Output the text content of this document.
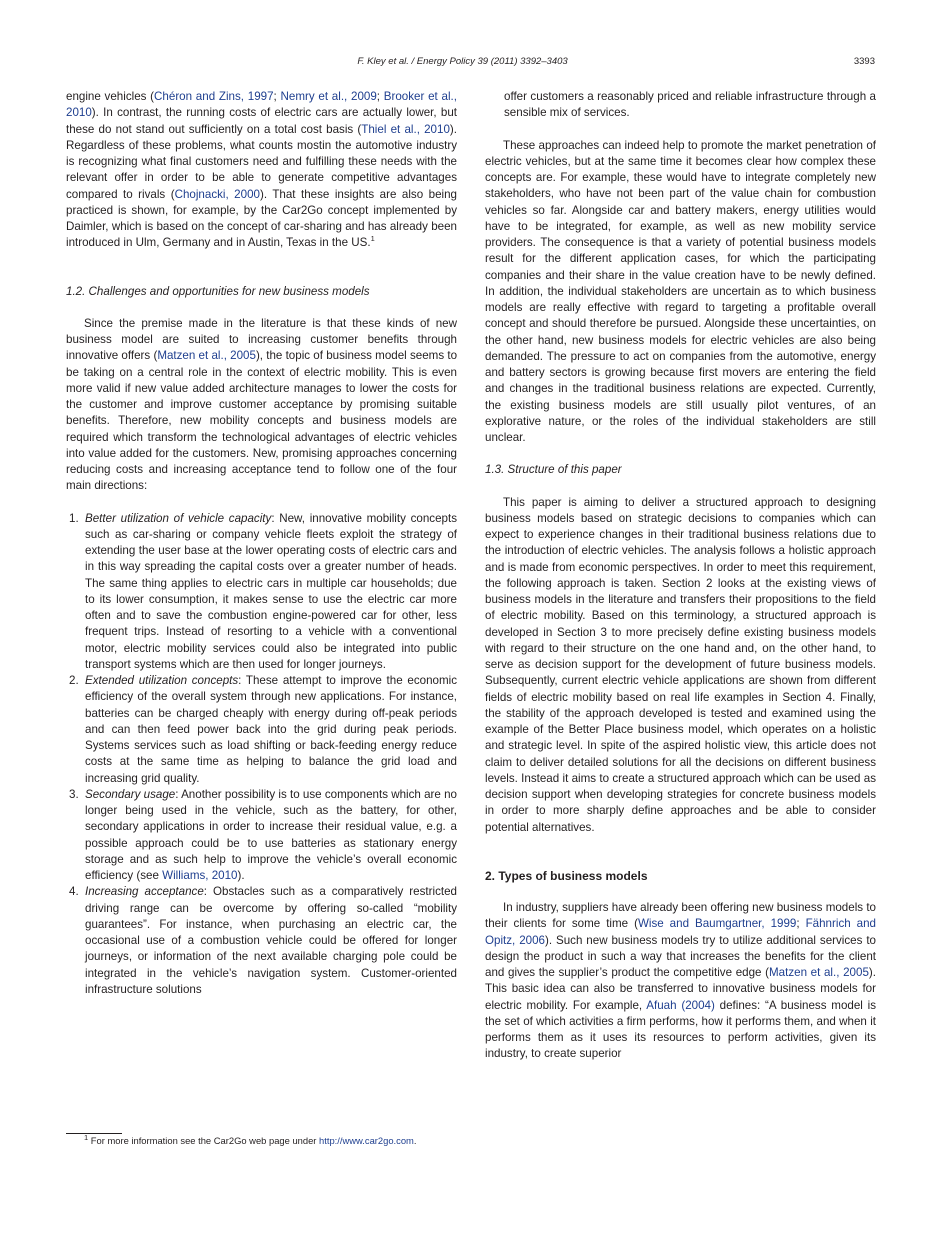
F. Kley et al. / Energy Policy 39 (2011) 3392–3403	3393

engine vehicles (Chéron and Zins, 1997; Nemry et al., 2009; Brooker et al., 2010). In contrast, the running costs of electric cars are actually lower, but these do not stand out sufficiently on a total cost basis (Thiel et al., 2010). Regardless of these problems, what counts mostin the automotive industry is recognizing what final customers need and fulfilling these needs with the relevant offer in order to be able to generate competitive advantages compared to rivals (Chojnacki, 2000). That these insights are also being practiced is shown, for example, by the Car2Go concept implemented by Daimler, which is based on the concept of car-sharing and has already been introduced in Ulm, Germany and in Austin, Texas in the US.$^1$

1.2. Challenges and opportunities for new business models

Since the premise made in the literature is that these kinds of new business model are suited to increasing customer benefits through innovative offers (Matzen et al., 2005), the topic of business model seems to be taking on a central role in the context of electric mobility. This is even more valid if new value added architecture manages to lower the costs for the customer and improve customer acceptance by promising suitable benefits. Therefore, new mobility concepts and business models are required which transform the technological advantages of electric vehicles into value added for the customers. New, promising approaches concerning reducing costs and increasing acceptance tend to follow one of the four main directions:

1. Better utilization of vehicle capacity: New, innovative mobility concepts such as car-sharing or company vehicle fleets exploit the strategy of extending the user base at the lower operating costs of electric cars and in this way spreading the capital costs over a greater number of heads. The same thing applies to electric cars in multiple car households; due to its lower consumption, it makes sense to use the electric car more often and to save the combustion engine-powered car for other, less frequent trips. Instead of resorting to a vehicle with a conventional motor, electric mobility services could also be integrated into public transport systems which are then used for longer journeys.
2. Extended utilization concepts: These attempt to improve the economic efficiency of the overall system through new applications. For instance, batteries can be charged cheaply with energy during off-peak periods and can then feed power back into the grid during peak periods. Systems services such as load shifting or back-feeding energy reduce costs at the same time as helping to balance the grid load and increasing grid quality.
3. Secondary usage: Another possibility is to use components which are no longer being used in the vehicle, such as the battery, for other, secondary applications in order to increase their residual value, e.g. a possible approach could be to use batteries as stationary energy storage and as such help to improve the vehicle’s overall economic efficiency (see Williams, 2010).
4. Increasing acceptance: Obstacles such as a comparatively restricted driving range can be overcome by offering so-called “mobility guarantees”. For instance, when purchasing an electric car, the occasional use of a combustion vehicle could be offered for longer journeys, or information of the next available charging pole could be integrated in the vehicle’s navigation system. Customer-oriented infrastructure solutions

$^1$ For more information see the Car2Go web page under http://www.car2go.com.

offer customers a reasonably priced and reliable infrastructure through a sensible mix of services.

These approaches can indeed help to promote the market penetration of electric vehicles, but at the same time it becomes clear how complex these concepts are. For example, these would have to integrate completely new stakeholders, who have not been part of the value chain for combustion vehicles so far. Alongside car and battery makers, energy utilities would have to be integrated, for example, as well as new mobility service providers. The consequence is that a variety of potential business models result for the different application cases, for which the participating companies and their share in the value creation have to be newly defined. In addition, the individual stakeholders are uncertain as to which business models are really effective with regard to targeting a profitable overall concept and should therefore be pursued. Alongside these uncertainties, on the other hand, new business models for electric vehicles are also being demanded. The pressure to act on companies from the automotive, energy and battery sectors is growing because first movers are entering the field and changes in the traditional business relations are expected. Currently, the existing business models are still usually pilot ventures, of an explorative nature, or the roles of the individual stakeholders are still unclear.

1.3. Structure of this paper

This paper is aiming to deliver a structured approach to designing business models based on strategic decisions to companies which can expect to experience changes in their traditional business relations due to the introduction of electric vehicles. The analysis follows a holistic approach and is made from economic perspectives. In order to meet this requirement, the following approach is taken. Section 2 looks at the existing views of business models in the literature and transfers their propositions to the field of electric mobility. Based on this terminology, a structured approach is developed in Section 3 to more precisely define existing business models with regard to their structure on the one hand and, on the other hand, to serve as decision support for the development of future business models. Subsequently, current electric vehicle applications are shown from different fields of electric mobility based on real life examples in Section 4. Finally, the stability of the approach developed is tested and examined using the example of the Better Place business model, which operates on a holistic and strategic level. In spite of the aspired holistic view, this article does not claim to deliver detailed solutions for all the decisions on different business levels. Instead it aims to create a structured approach which can be used as decision support when developing strategies for concrete business models in order to more sharply define approaches and be able to consider potential alternatives.

2. Types of business models

In industry, suppliers have already been offering new business models to their clients for some time (Wise and Baumgartner, 1999; Fähnrich and Opitz, 2006). Such new business models try to utilize additional services to design the product in such a way that increases the benefits for the client and gives the supplier’s product the competitive edge (Matzen et al., 2005). This basic idea can also be transferred to innovative business models for electric mobility. For example, Afuah (2004) defines: “A business model is the set of which activities a firm performs, how it performs them, and when it performs them as it uses its resources to perform activities, given its industry, to create superior
